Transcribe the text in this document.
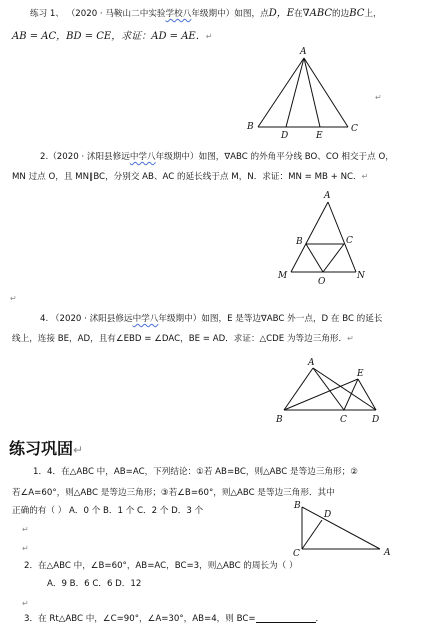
练习 1、 （2020 · 马鞍山二中实验学校八年级期中）如图，点D，E在∇ABC的边BC上，
AB = AC，BD = CE，求证：AD = AE．↵
2.（2020 · 沭阳县修远中学八年级期中）如图，∇ABC 的外角平分线 BO、CO 相交于点 O，
MN 过点 O，且 MN∥BC，分别交 AB、AC 的延长线于点 M，N．求证：MN = MB + NC．↵
4. （2020 · 沭阳县修远中学八年级期中）如图，E 是等边∇ABC 外一点，D 在 BC 的延长
线上，连接 BE，AD，且有∠EBD = ∠DAC，BE = AD．求证：△CDE 为等边三角形．↵
练习巩固↵
1．4．在△ABC 中，AB=AC，下列结论：①若 AB=BC，则△ABC 是等边三角形；②
若∠A=60°，则△ABC 是等边三角形；③若∠B=60°，则△ABC 是等边三角形．其中
正确的有（ ） A．0 个 B．1 个 C．2 个 D．3 个
↵
↵
2．在△ABC 中，∠B=60°，AB=AC，BC=3，则△ABC 的周长为（ ）
A．9 B．6 C．6 D．12
↵
3．在 Rt△ABC 中，∠C=90°，∠A=30°，AB=4，则 BC=	．
A
B	C
D	E
↵
A
B	C
M	N
O
↵
A
E
B	C	D
B
D
C	A
